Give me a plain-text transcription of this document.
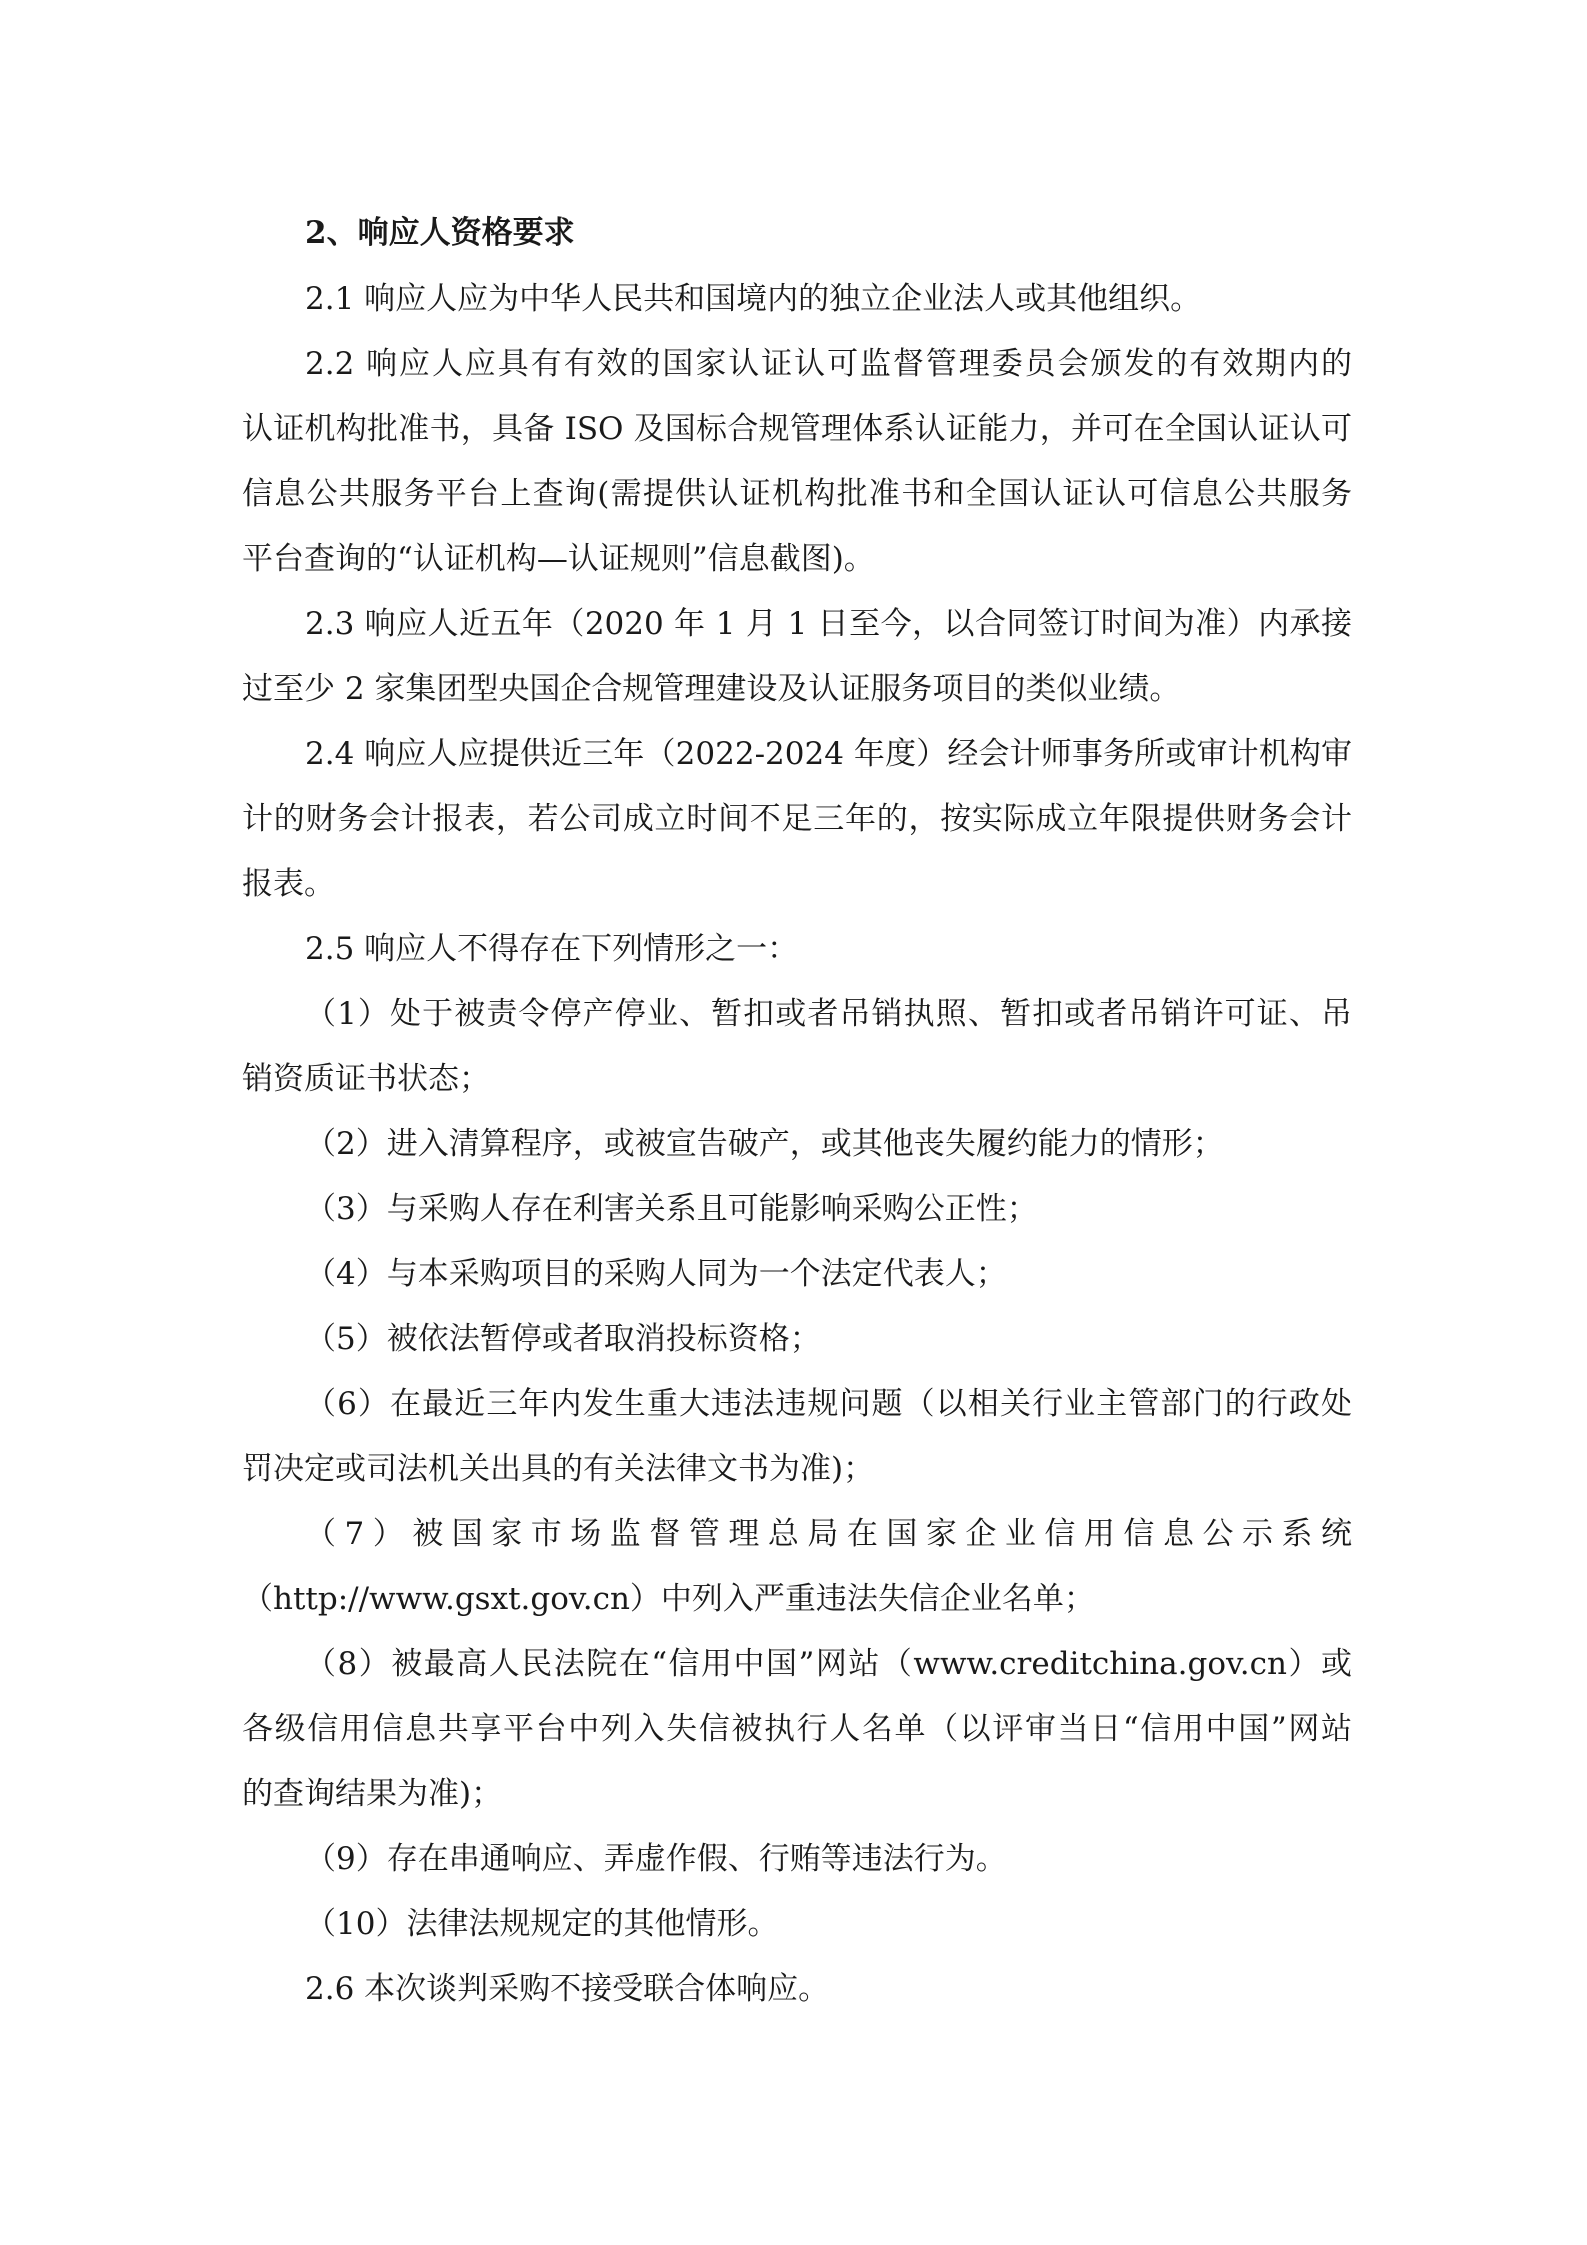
2、响应人资格要求
2.1 响应人应为中华人民共和国境内的独立企业法人或其他组织。
2.2 响应人应具有有效的国家认证认可监督管理委员会颁发的有效期内的
认证机构批准书，具备 ISO 及国标合规管理体系认证能力，并可在全国认证认可
信息公共服务平台上查询(需提供认证机构批准书和全国认证认可信息公共服务
平台查询的“认证机构—认证规则”信息截图)。
2.3 响应人近五年（2020 年 1 月 1 日至今，以合同签订时间为准）内承接
过至少 2 家集团型央国企合规管理建设及认证服务项目的类似业绩。
2.4 响应人应提供近三年（2022-2024 年度）经会计师事务所或审计机构审
计的财务会计报表，若公司成立时间不足三年的，按实际成立年限提供财务会计
报表。
2.5 响应人不得存在下列情形之一：
（1）处于被责令停产停业、暂扣或者吊销执照、暂扣或者吊销许可证、吊
销资质证书状态；
（2）进入清算程序，或被宣告破产，或其他丧失履约能力的情形；
（3）与采购人存在利害关系且可能影响采购公正性；
（4）与本采购项目的采购人同为一个法定代表人；
（5）被依法暂停或者取消投标资格；
（6）在最近三年内发生重大违法违规问题（以相关行业主管部门的行政处
罚决定或司法机关出具的有关法律文书为准)；
（7）被国家市场监督管理总局在国家企业信用信息公示系统
（http://www.gsxt.gov.cn）中列入严重违法失信企业名单；
（8）被最高人民法院在“信用中国”网站（www.creditchina.gov.cn）或
各级信用信息共享平台中列入失信被执行人名单（以评审当日“信用中国”网站
的查询结果为准)；
（9）存在串通响应、弄虚作假、行贿等违法行为。
（10）法律法规规定的其他情形。
2.6 本次谈判采购不接受联合体响应。
